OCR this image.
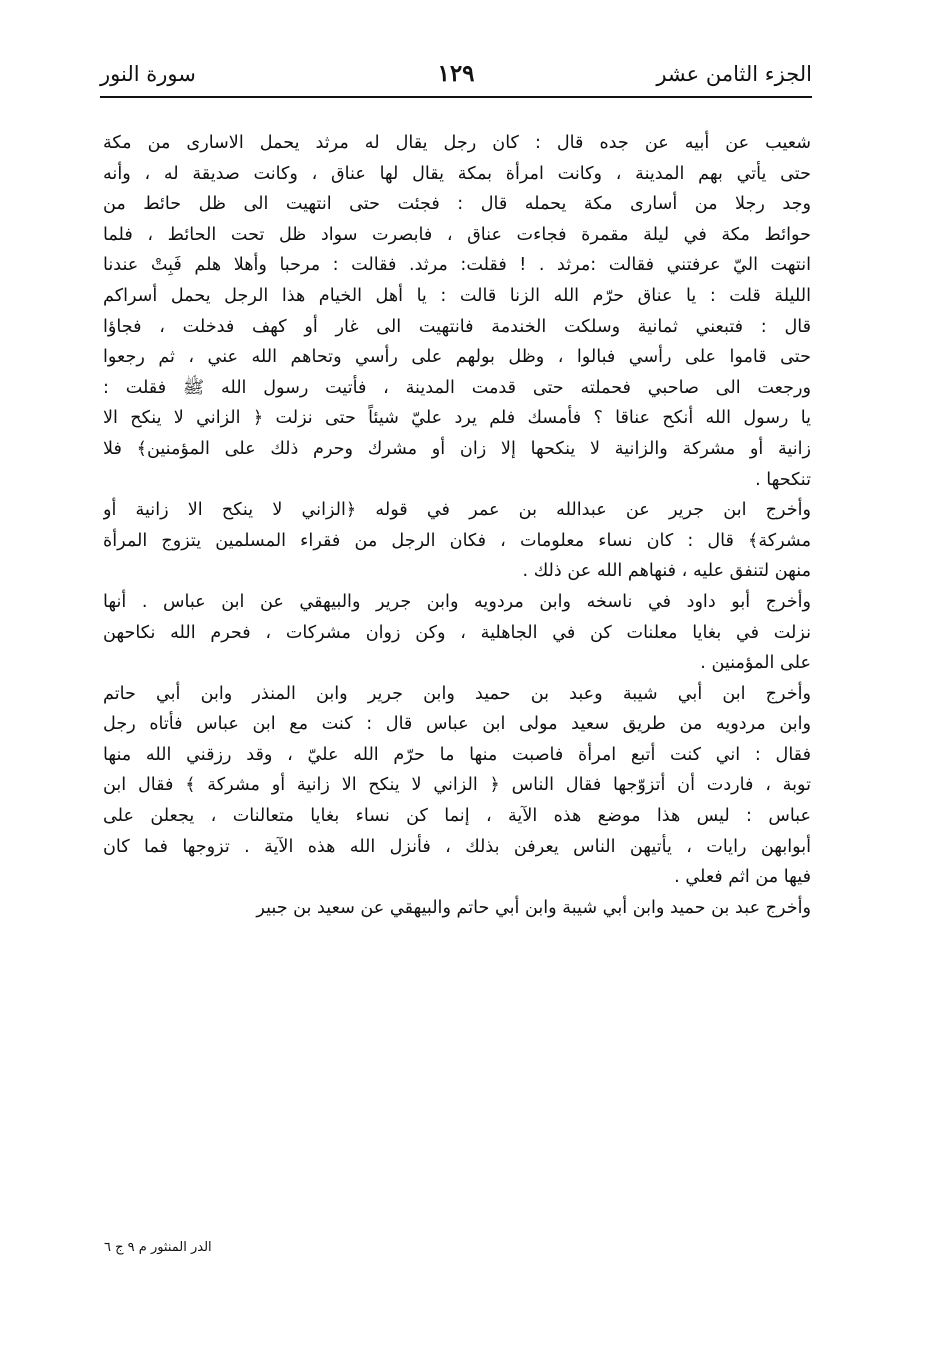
الجزء الثامن عشر
١٢٩
سورة النور
شعيب عن أبيه عن جده قال : كان رجل يقال له مرثد يحمل الاسارى من مكة
حتى يأتي بهم المدينة ، وكانت امرأة بمكة يقال لها عناق ، وكانت صديقة له ، وأنه
وجد رجلا من أسارى مكة يحمله قال : فجئت حتى انتهيت الى ظل حائط من
حوائط مكة في ليلة مقمرة فجاءت عناق ، فابصرت سواد ظل تحت الحائط ، فلما
انتهت اليّ عرفتني فقالت :مرثد . ! فقلت: مرثد. فقالت : مرحبا وأهلا هلم فَبِتْ عندنا
الليلة قلت : يا عناق حرّم الله الزنا قالت : يا أهل الخيام هذا الرجل يحمل أسراكم
قال : فتبعني ثمانية وسلكت الخندمة فانتهيت الى غار أو كهف فدخلت ، فجاؤا
حتى قاموا على رأسي فبالوا ، وظل بولهم على رأسي وتحاهم الله عني ، ثم رجعوا
ورجعت الى صاحبي فحملته حتى قدمت المدينة ، فأتيت رسول الله ﷺ فقلت :
يا رسول الله أنكح عناقا ؟ فأمسك فلم يرد عليّ شيئاً حتى نزلت ﴿ الزاني لا ينكح الا
زانية أو مشركة والزانية لا ينكحها إلا زان أو مشرك وحرم ذلك على المؤمنين﴾ فلا
تنكحها .
وأخرج ابن جرير عن عبدالله بن عمر في قوله ﴿الزاني لا ينكح الا زانية أو
مشركة﴾ قال : كان نساء معلومات ، فكان الرجل من فقراء المسلمين يتزوج المرأة
منهن لتنفق عليه ، فنهاهم الله عن ذلك .
وأخرج أبو داود في ناسخه وابن مردويه وابن جرير والبيهقي عن ابن عباس . أنها
نزلت في بغايا معلنات كن في الجاهلية ، وكن زوان مشركات ، فحرم الله نكاحهن
على المؤمنين .
وأخرج ابن أبي شيبة وعبد بن حميد وابن جرير وابن المنذر وابن أبي حاتم
وابن مردويه من طريق سعيد مولى ابن عباس قال : كنت مع ابن عباس فأتاه رجل
فقال : اني كنت أتبع امرأة فاصبت منها ما حرّم الله عليّ ، وقد رزقني الله منها
توبة ، فاردت أن أتزوّجها فقال الناس ﴿ الزاني لا ينكح الا زانية أو مشركة ﴾ فقال ابن
عباس : ليس هذا موضع هذه الآية ، إنما كن نساء بغايا متعالنات ، يجعلن على
أبوابهن رايات ، يأتيهن الناس يعرفن بذلك ، فأنزل الله هذه الآية . تزوجها فما كان
فيها من اثم فعلي .
وأخرج عبد بن حميد وابن أبي شيبة وابن أبي حاتم والبيهقي عن سعيد بن جبير
الدر المنثور م ٩ ج ٦
